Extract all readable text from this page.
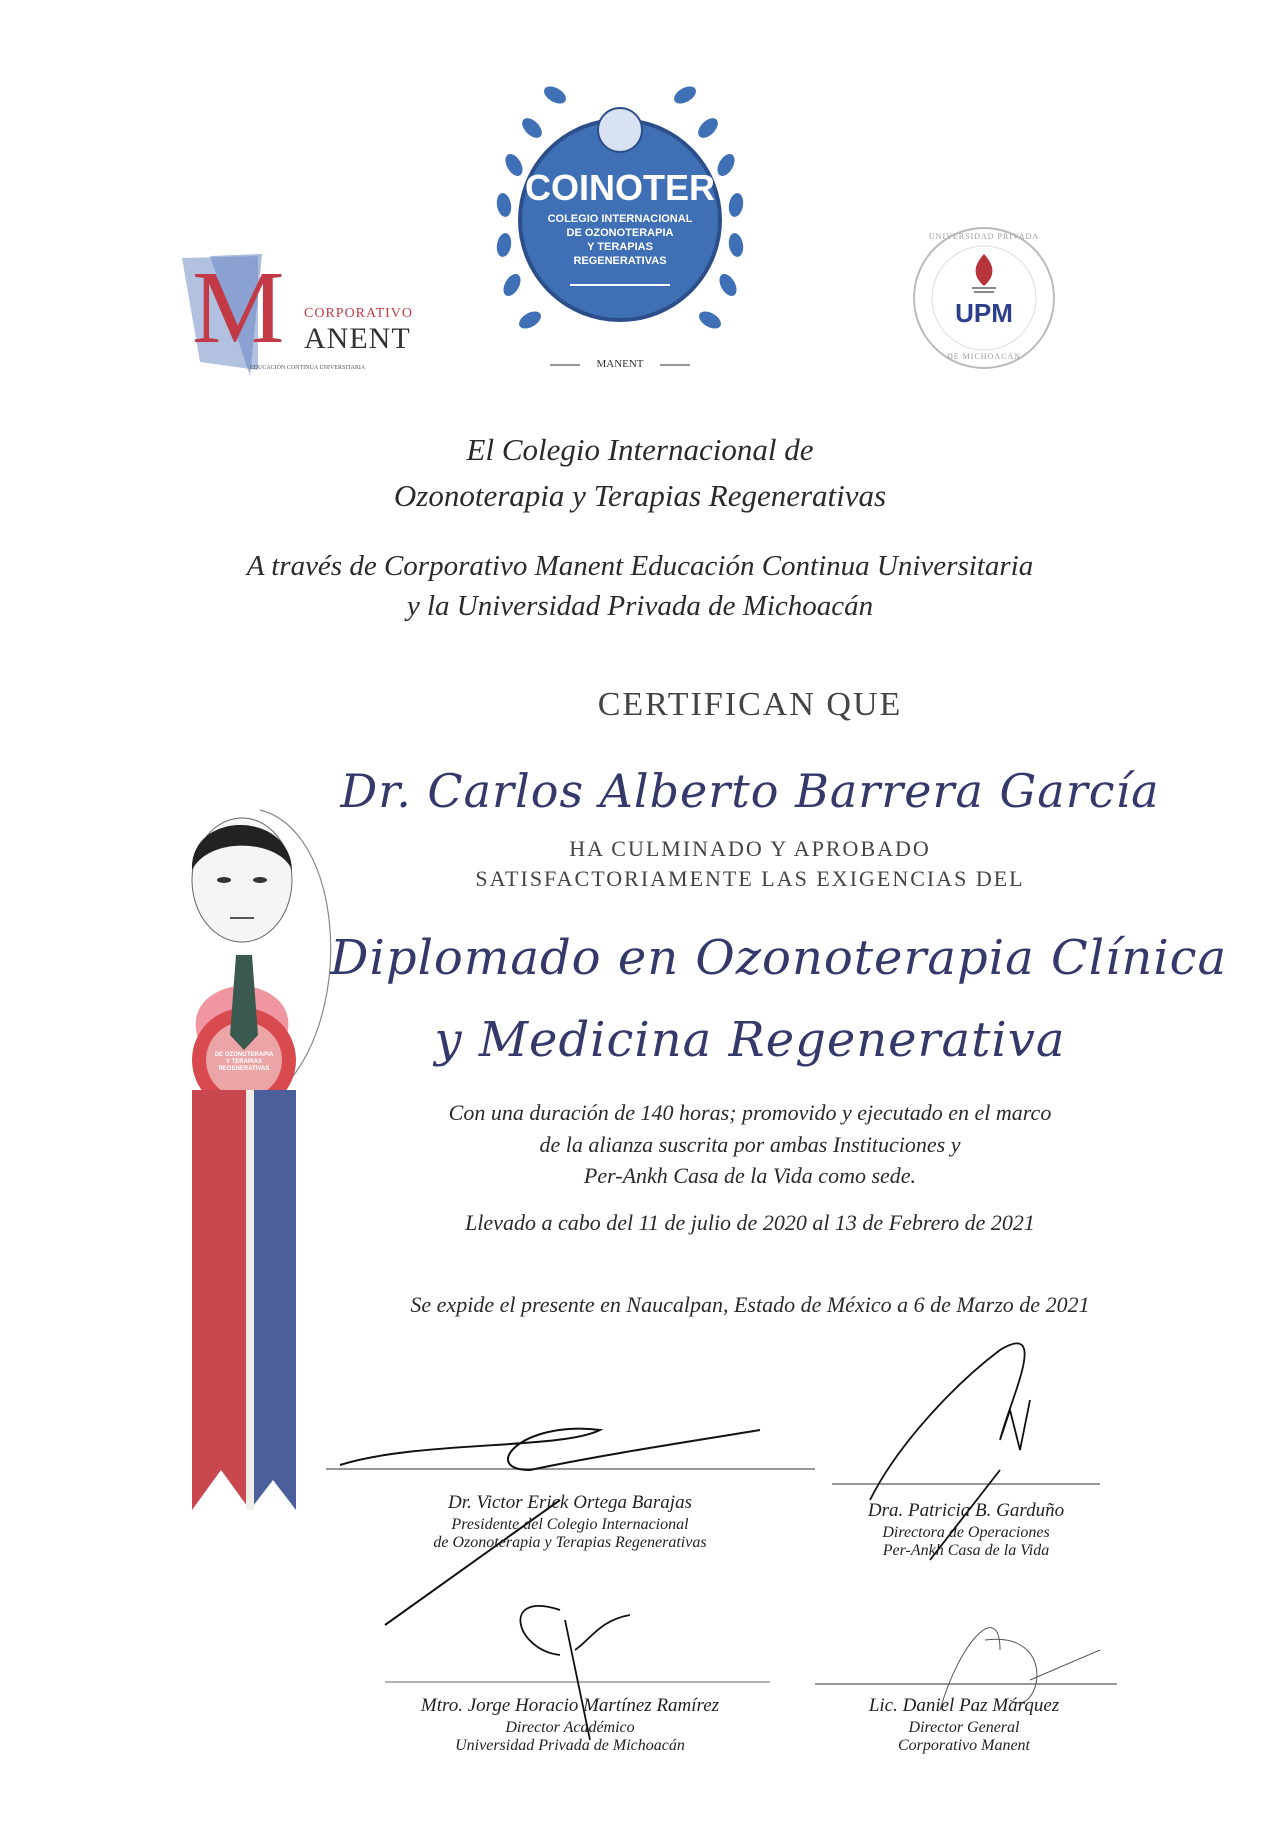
M CORPORATIVO
ANENT
EDUCACIÓN CONTINUA UNIVERSITARIA
COINOTER
COLEGIO INTERNACIONAL
DE OZONOTERAPIA
Y TERAPIAS
REGENERATIVAS
MANENT
UPM
UNIVERSIDAD PRIVADA
DE MICHOACÁN
El Colegio Internacional de
Ozonoterapia y Terapias Regenerativas
A través de Corporativo Manent Educación Continua Universitaria
y la Universidad Privada de Michoacán
CERTIFICAN QUE
Dr. Carlos Alberto Barrera García
HA CULMINADO Y APROBADO
SATISFACTORIAMENTE LAS EXIGENCIAS DEL
Diplomado en Ozonoterapia Clínica
y Medicina Regenerativa
Con una duración de 140 horas; promovido y ejecutado en el marco
de la alianza suscrita por ambas Instituciones y
Per-Ankh Casa de la Vida como sede.
Llevado a cabo del 11 de julio de 2020 al 13 de Febrero de 2021
Se expide el presente en Naucalpan, Estado de México a 6 de Marzo de 2021
DE OZONOTERAPIA
Y TERAPIAS
REGENERATIVAS
Dr. Victor Erick Ortega Barajas
Presidente del Colegio Internacional
de Ozonoterapia y Terapias Regenerativas
Dra. Patricia B. Garduño
Directora de Operaciones
Per-Ankh Casa de la Vida
Mtro. Jorge Horacio Martínez Ramírez
Director Académico
Universidad Privada de Michoacán
Lic. Daniel Paz Márquez
Director General
Corporativo Manent
